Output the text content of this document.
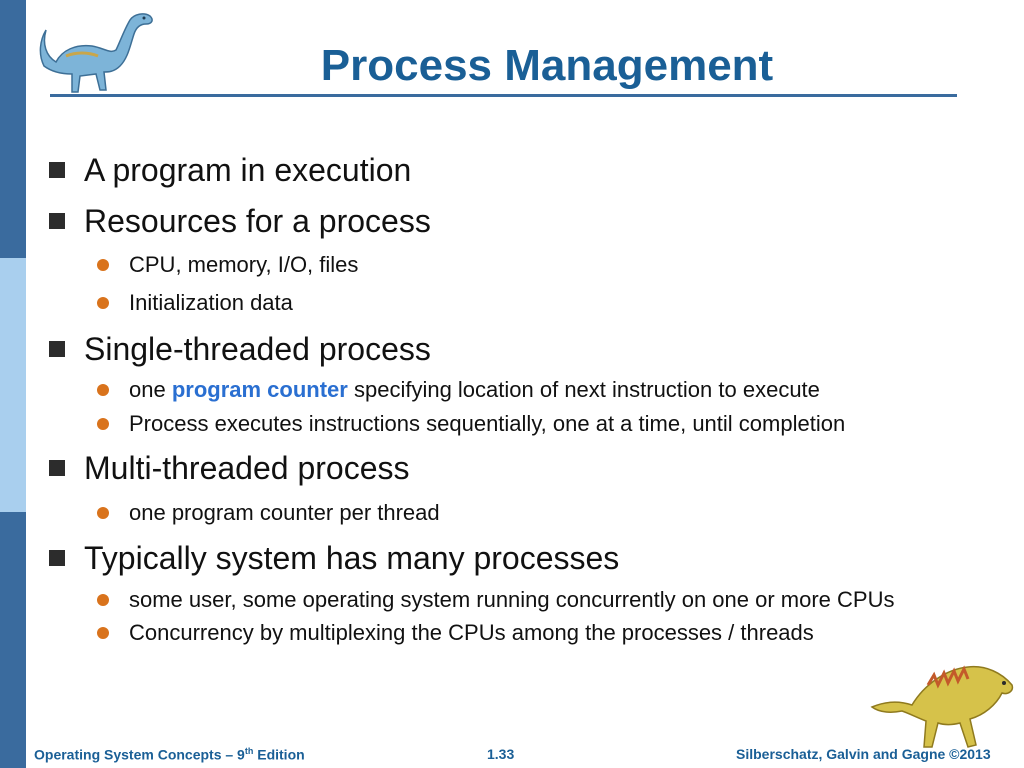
Process Management
A program in execution
Resources for a process
CPU, memory, I/O, files
Initialization data
Single-threaded process
one program counter specifying location of next instruction to execute
Process executes instructions sequentially, one at a time, until completion
Multi-threaded process
one program counter per thread
Typically system has many processes
some user, some operating system running concurrently on one or more CPUs
Concurrency by multiplexing the CPUs among the processes / threads
Operating System Concepts – 9th Edition	1.33	Silberschatz, Galvin and Gagne ©2013
